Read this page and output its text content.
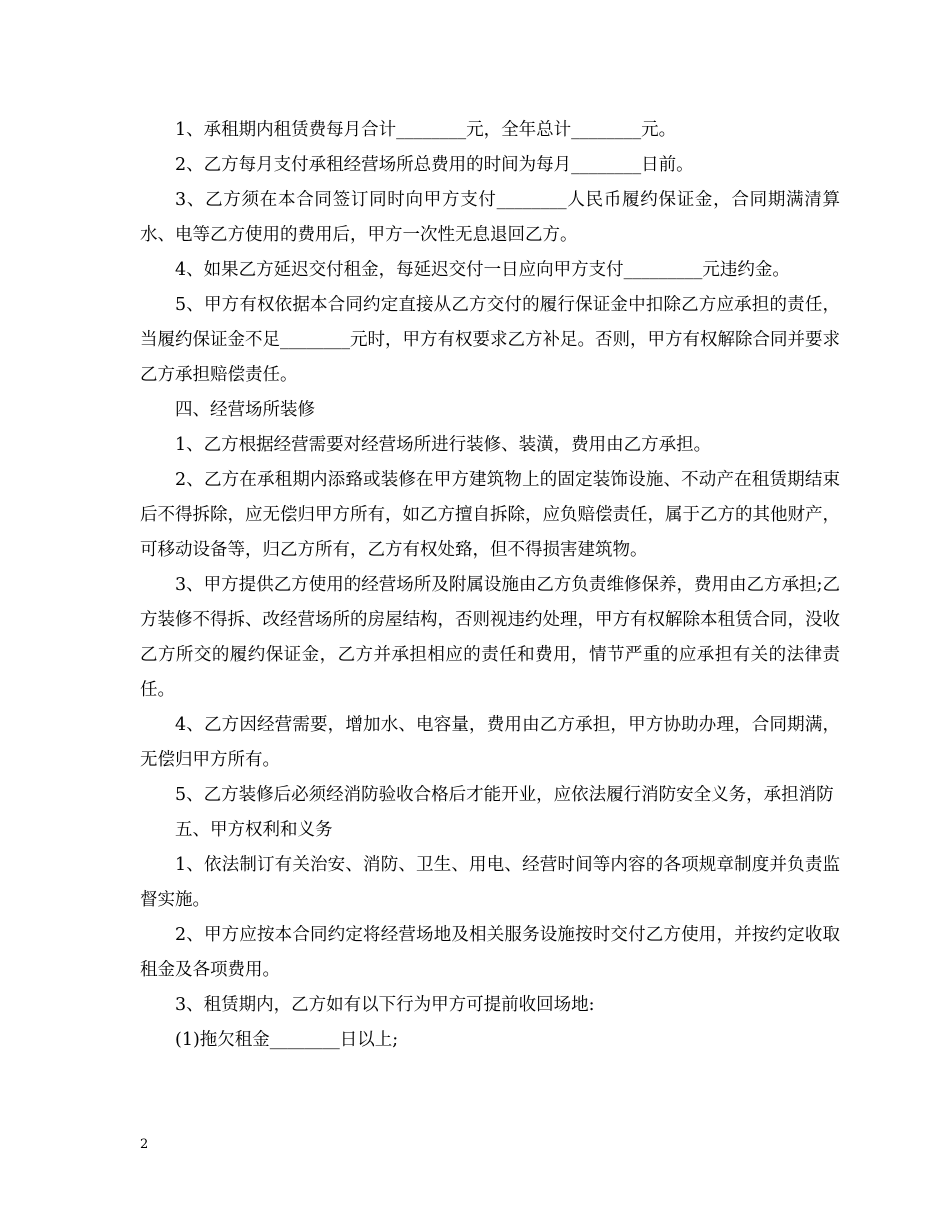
1、承租期内租赁费每月合计________元，全年总计________元。

2、乙方每月支付承租经营场所总费用的时间为每月________日前。

3、乙方须在本合同签订同时向甲方支付________人民币履约保证金，合同期满清算水、电等乙方使用的费用后，甲方一次性无息退回乙方。

4、如果乙方延迟交付租金，每延迟交付一日应向甲方支付_________元违约金。

5、甲方有权依据本合同约定直接从乙方交付的履行保证金中扣除乙方应承担的责任，当履约保证金不足________元时，甲方有权要求乙方补足。否则，甲方有权解除合同并要求乙方承担赔偿责任。

四、经营场所装修

1、乙方根据经营需要对经营场所进行装修、装潢，费用由乙方承担。

2、乙方在承租期内添臵或装修在甲方建筑物上的固定装饰设施、不动产在租赁期结束后不得拆除，应无偿归甲方所有，如乙方擅自拆除，应负赔偿责任，属于乙方的其他财产，可移动设备等，归乙方所有，乙方有权处臵，但不得损害建筑物。

3、甲方提供乙方使用的经营场所及附属设施由乙方负责维修保养，费用由乙方承担;乙方装修不得拆、改经营场所的房屋结构，否则视违约处理，甲方有权解除本租赁合同，没收乙方所交的履约保证金，乙方并承担相应的责任和费用，情节严重的应承担有关的法律责任。

4、乙方因经营需要，增加水、电容量，费用由乙方承担，甲方协助办理，合同期满，无偿归甲方所有。

5、乙方装修后必须经消防验收合格后才能开业，应依法履行消防安全义务，承担消防

五、甲方权利和义务

1、依法制订有关治安、消防、卫生、用电、经营时间等内容的各项规章制度并负责监督实施。

2、甲方应按本合同约定将经营场地及相关服务设施按时交付乙方使用，并按约定收取租金及各项费用。

3、租赁期内，乙方如有以下行为甲方可提前收回场地:

(1)拖欠租金________日以上;

2
